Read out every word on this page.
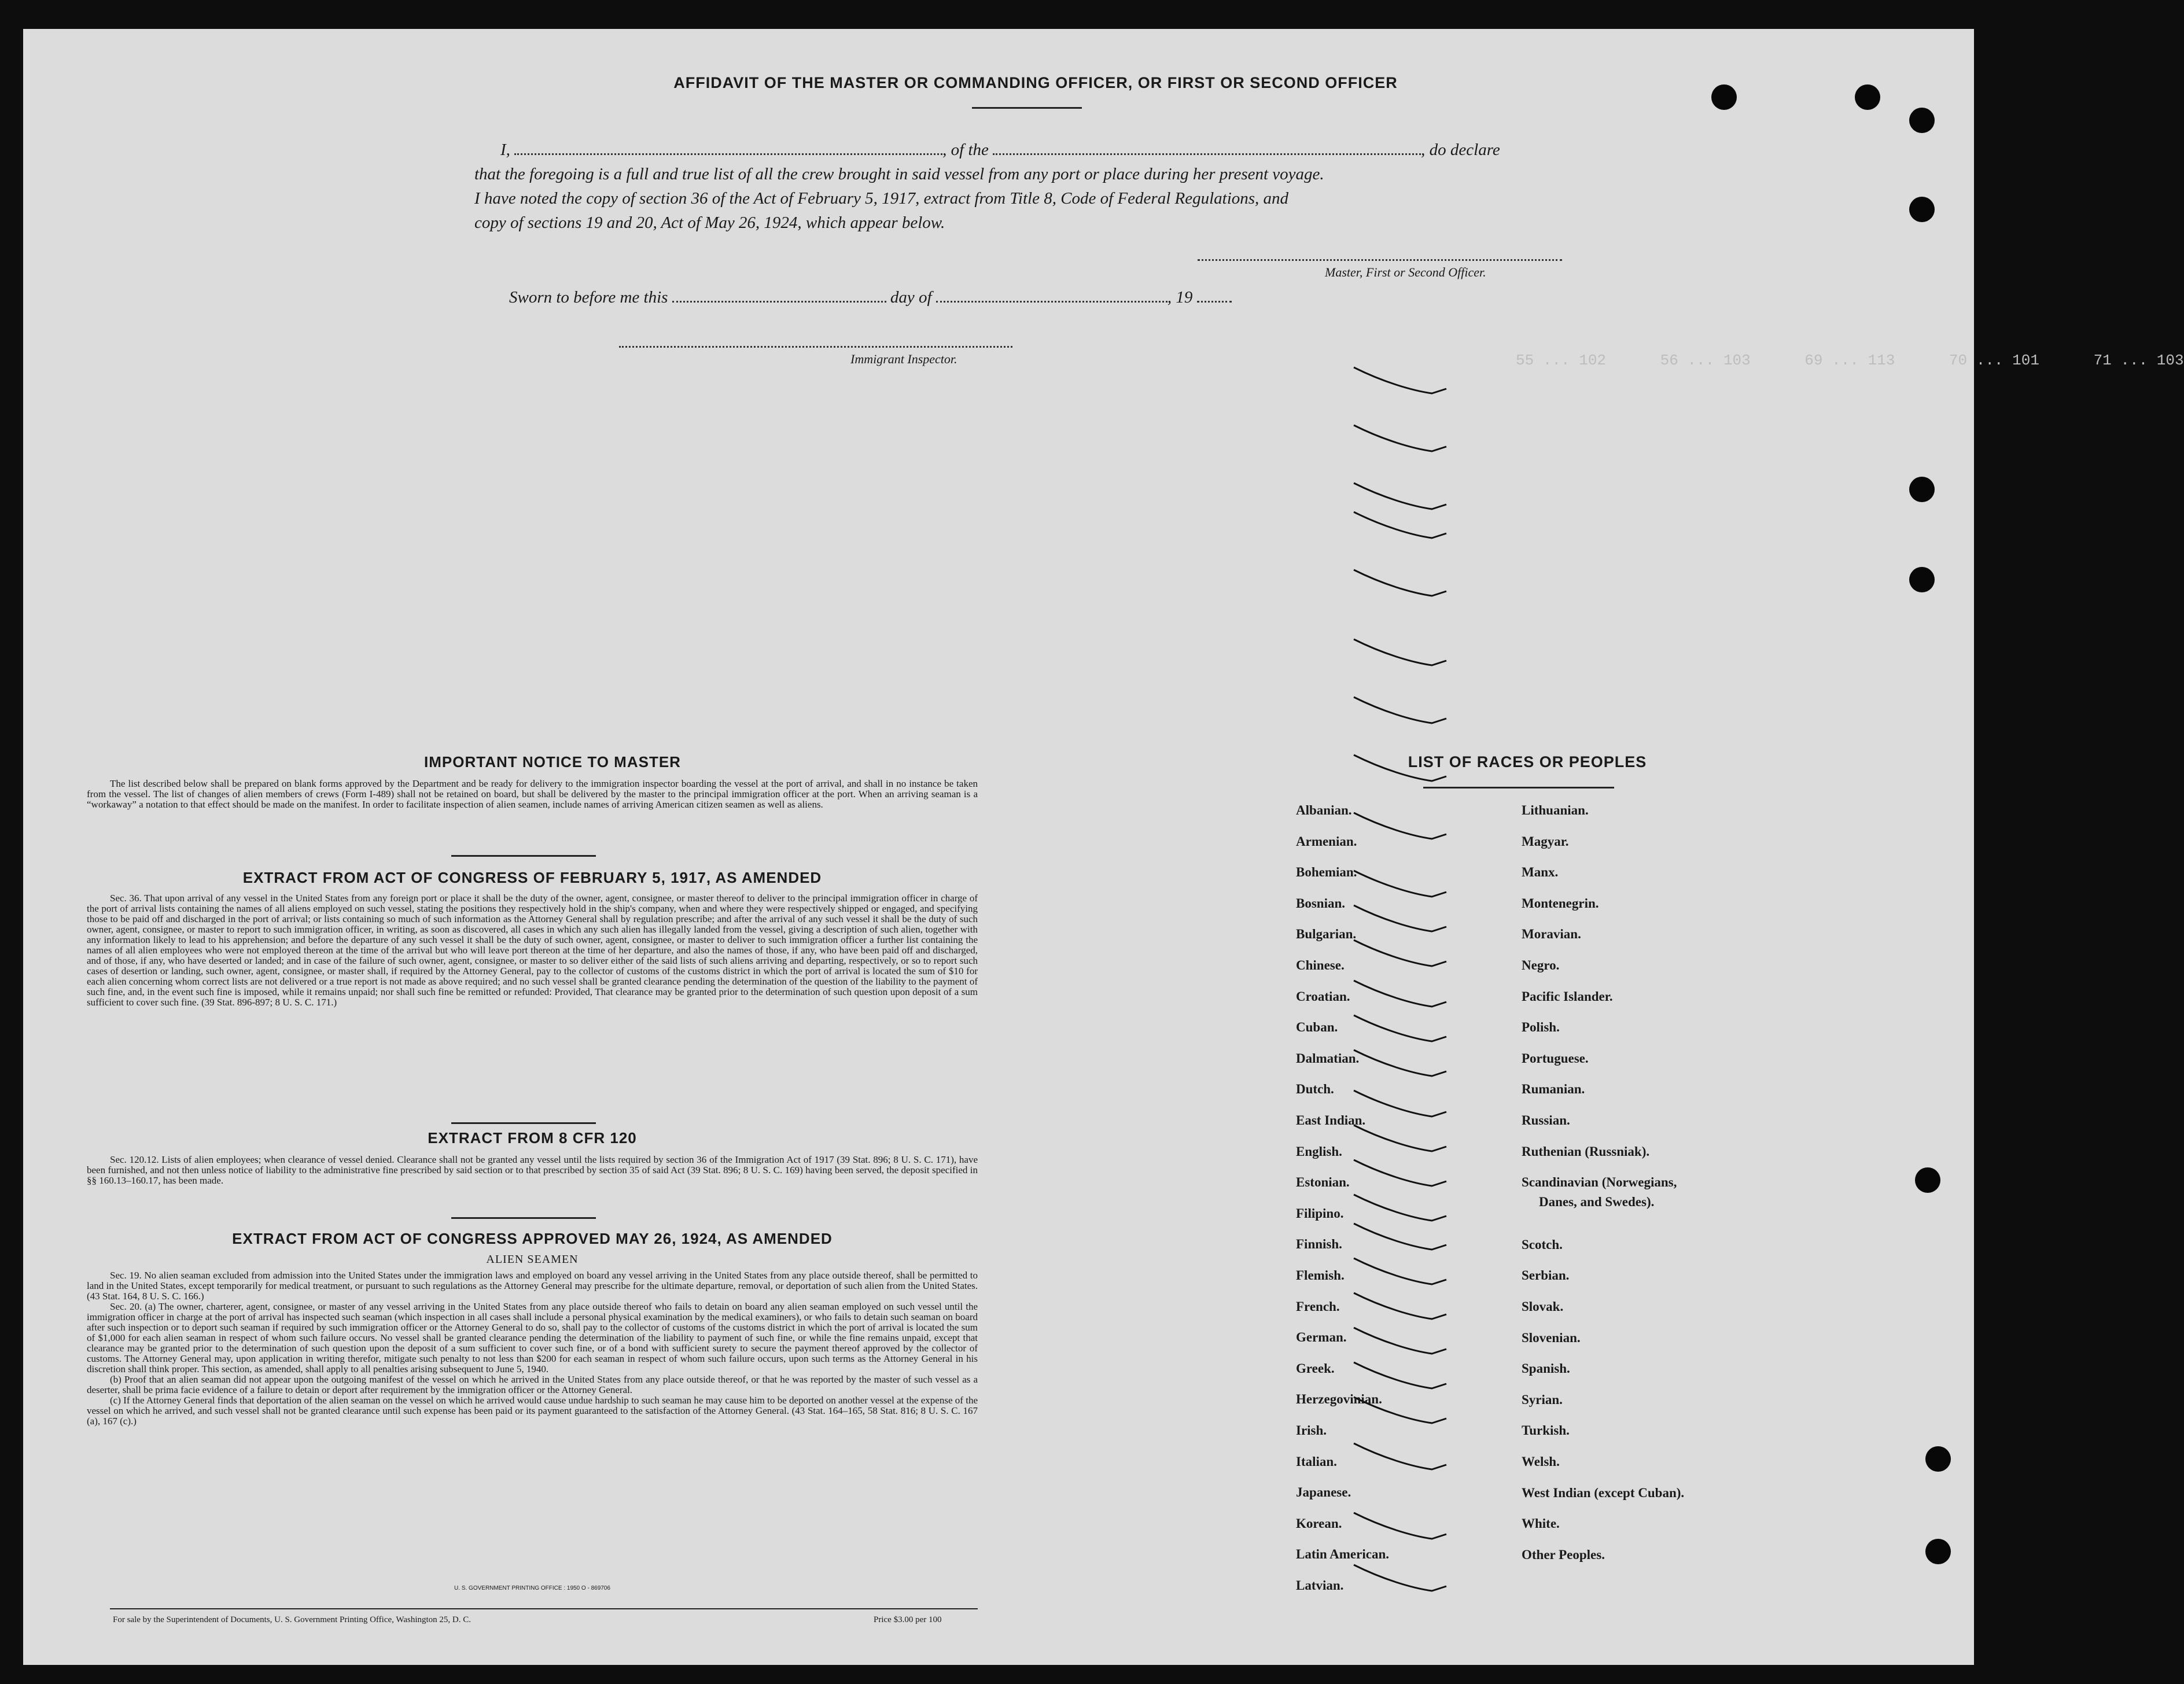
AFFIDAVIT OF THE MASTER OR COMMANDING OFFICER, OR FIRST OR SECOND OFFICER
I,	, of the	, do declare
that the foregoing is a full and true list of all the crew brought in said vessel from any port or place during her present voyage.
I have noted the copy of section 36 of the Act of February 5, 1917, extract from Title 8, Code of Federal Regulations, and
copy of sections 19 and 20, Act of May 26, 1924, which appear below.
Master, First or Second Officer.
Sworn to before me this	day of	, 19
Immigrant Inspector.	55 ... 102      56 ... 103      69 ... 113      70 ... 101      71 ... 103
IMPORTANT NOTICE TO MASTER
The list described below shall be prepared on blank forms approved by the Department and be ready for delivery to the immigration inspector boarding the vessel at the port of arrival, and shall in no instance be taken from the vessel. The list of changes of alien members of crews (Form I-489) shall not be retained on board, but shall be delivered by the master to the principal immigration officer at the port. When an arriving seaman is a “workaway” a notation to that effect should be made on the manifest. In order to facilitate inspection of alien seamen, include names of arriving American citizen seamen as well as aliens.
EXTRACT FROM ACT OF CONGRESS OF FEBRUARY 5, 1917, AS AMENDED
Sec. 36. That upon arrival of any vessel in the United States from any foreign port or place it shall be the duty of the owner, agent, consignee, or master thereof to deliver to the principal immigration officer in charge of the port of arrival lists containing the names of all aliens employed on such vessel, stating the positions they respectively hold in the ship's company, when and where they were respectively shipped or engaged, and specifying those to be paid off and discharged in the port of arrival; or lists containing so much of such information as the Attorney General shall by regulation prescribe; and after the arrival of any such vessel it shall be the duty of such owner, agent, consignee, or master to report to such immigration officer, in writing, as soon as discovered, all cases in which any such alien has illegally landed from the vessel, giving a description of such alien, together with any information likely to lead to his apprehension; and before the departure of any such vessel it shall be the duty of such owner, agent, consignee, or master to deliver to such immigration officer a further list containing the names of all alien employees who were not employed thereon at the time of the arrival but who will leave port thereon at the time of her departure, and also the names of those, if any, who have been paid off and discharged, and of those, if any, who have deserted or landed; and in case of the failure of such owner, agent, consignee, or master to so deliver either of the said lists of such aliens arriving and departing, respectively, or so to report such cases of desertion or landing, such owner, agent, consignee, or master shall, if required by the Attorney General, pay to the collector of customs of the customs district in which the port of arrival is located the sum of $10 for each alien concerning whom correct lists are not delivered or a true report is not made as above required; and no such vessel shall be granted clearance pending the determination of the question of the liability to the payment of such fine, and, in the event such fine is imposed, while it remains unpaid; nor shall such fine be remitted or refunded: Provided, That clearance may be granted prior to the determination of such question upon deposit of a sum sufficient to cover such fine. (39 Stat. 896-897; 8 U. S. C. 171.)
EXTRACT FROM 8 CFR 120
Sec. 120.12. Lists of alien employees; when clearance of vessel denied. Clearance shall not be granted any vessel until the lists required by section 36 of the Immigration Act of 1917 (39 Stat. 896; 8 U. S. C. 171), have been furnished, and not then unless notice of liability to the administrative fine prescribed by said section or to that prescribed by section 35 of said Act (39 Stat. 896; 8 U. S. C. 169) having been served, the deposit specified in §§ 160.13–160.17, has been made.
EXTRACT FROM ACT OF CONGRESS APPROVED MAY 26, 1924, AS AMENDED
ALIEN SEAMEN

Sec. 19. No alien seaman excluded from admission into the United States under the immigration laws and employed on board any vessel arriving in the United States from any place outside thereof, shall be permitted to land in the United States, except temporarily for medical treatment, or pursuant to such regulations as the Attorney General may prescribe for the ultimate departure, removal, or deportation of such alien from the United States. (43 Stat. 164, 8 U. S. C. 166.)

Sec. 20. (a) The owner, charterer, agent, consignee, or master of any vessel arriving in the United States from any place outside thereof who fails to detain on board any alien seaman employed on such vessel until the immigration officer in charge at the port of arrival has inspected such seaman (which inspection in all cases shall include a personal physical examination by the medical examiners), or who fails to detain such seaman on board after such inspection or to deport such seaman if required by such immigration officer or the Attorney General to do so, shall pay to the collector of customs of the customs district in which the port of arrival is located the sum of $1,000 for each alien seaman in respect of whom such failure occurs. No vessel shall be granted clearance pending the determination of the liability to payment of such fine, or while the fine remains unpaid, except that clearance may be granted prior to the determination of such question upon the deposit of a sum sufficient to cover such fine, or of a bond with sufficient surety to secure the payment thereof approved by the collector of customs. The Attorney General may, upon application in writing therefor, mitigate such penalty to not less than $200 for each seaman in respect of whom such failure occurs, upon such terms as the Attorney General in his discretion shall think proper. This section, as amended, shall apply to all penalties arising subsequent to June 5, 1940.

(b) Proof that an alien seaman did not appear upon the outgoing manifest of the vessel on which he arrived in the United States from any place outside thereof, or that he was reported by the master of such vessel as a deserter, shall be prima facie evidence of a failure to detain or deport after requirement by the immigration officer or the Attorney General.

(c) If the Attorney General finds that deportation of the alien seaman on the vessel on which he arrived would cause undue hardship to such seaman he may cause him to be deported on another vessel at the expense of the vessel on which he arrived, and such vessel shall not be granted clearance until such expense has been paid or its payment guaranteed to the satisfaction of the Attorney General. (43 Stat. 164–165, 58 Stat. 816; 8 U. S. C. 167 (a), 167 (c).)

U. S. GOVERNMENT PRINTING OFFICE : 1950 O - 869706
For sale by the Superintendent of Documents, U. S. Government Printing Office, Washington 25, D. C.	Price $3.00 per 100
LIST OF RACES OR PEOPLES
Albanian.
Armenian.
Bohemian.
Bosnian.
Bulgarian.
Chinese.
Croatian.
Cuban.
Dalmatian.
Dutch.
East Indian.
English.
Estonian.
Filipino.
Finnish.
Flemish.
French.
German.
Greek.
Herzegovinian.
Irish.
Italian.
Japanese.
Korean.
Latin American.
Latvian.
Lithuanian.
Magyar.
Manx.
Montenegrin.
Moravian.
Negro.
Pacific Islander.
Polish.
Portuguese.
Rumanian.
Russian.
Ruthenian (Russniak).
Scandinavian (Norwegians,
Danes, and Swedes).
Scotch.
Serbian.
Slovak.
Slovenian.
Spanish.
Syrian.
Turkish.
Welsh.
West Indian (except Cuban).
White.
Other Peoples.
